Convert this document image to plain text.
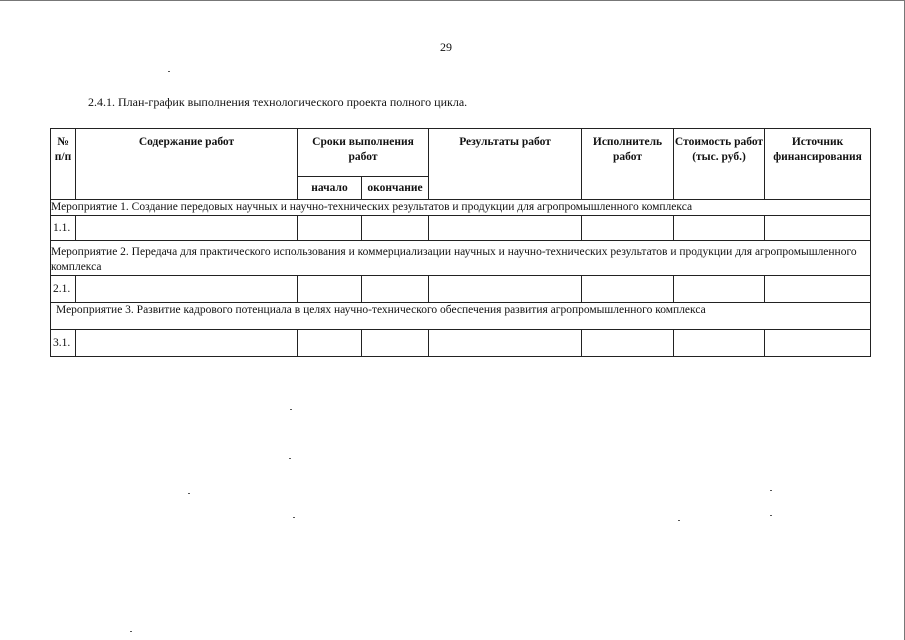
29
2.4.1. План-график выполнения технологического проекта полного цикла.
№ п/п	Содержание работ	Сроки выполнения работ		Результаты работ	Исполнитель работ	Стоимость работ (тыс. руб.)	Источник финансирования
		начало	окончание				
Мероприятие 1. Создание передовых научных и научно-технических результатов и продукции для агропромышленного комплекса							
1.1.							
Мероприятие 2. Передача для практического использования и коммерциализации научных и научно-технических результатов и продукции для агропромышленного комплекса							
2.1.							
Мероприятие 3. Развитие кадрового потенциала в целях научно-технического обеспечения развития агропромышленного комплекса							
3.1.							
